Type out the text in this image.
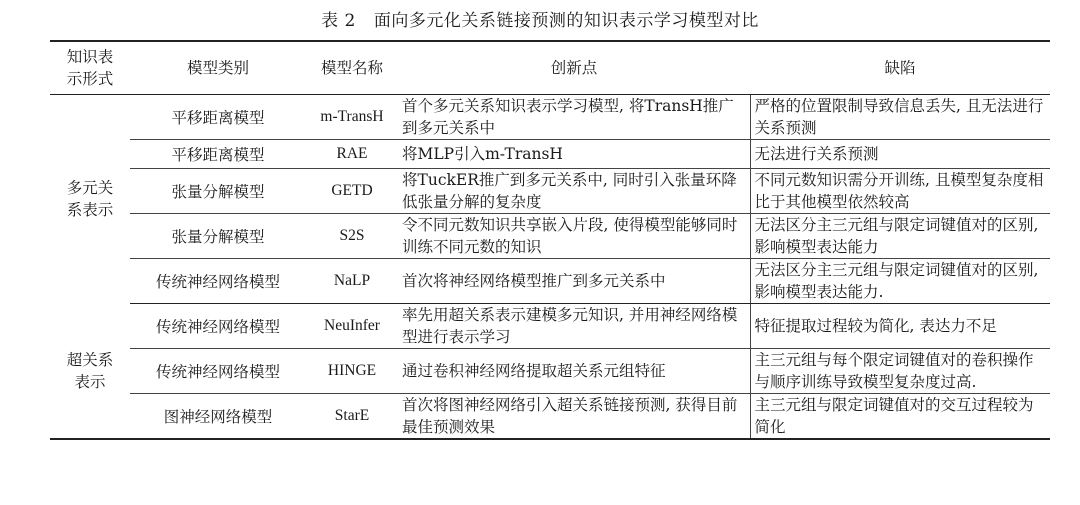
表 2 面向多元化关系链接预测的知识表示学习模型对比
知识表示形式	模型类别	模型名称	创新点	缺陷
多元关系表示	平移距离模型	m-TransH	首个多元关系知识表示学习模型, 将TransH推广到多元关系中	严格的位置限制导致信息丢失, 且无法进行关系预测
	平移距离模型	RAE	将MLP引入m-TransH	无法进行关系预测
	张量分解模型	GETD	将TuckER推广到多元关系中, 同时引入张量环降低张量分解的复杂度	不同元数知识需分开训练, 且模型复杂度相比于其他模型依然较高
	张量分解模型	S2S	令不同元数知识共享嵌入片段, 使得模型能够同时训练不同元数的知识	无法区分主三元组与限定词键值对的区别, 影响模型表达能力
	传统神经网络模型	NaLP	首次将神经网络模型推广到多元关系中	无法区分主三元组与限定词键值对的区别, 影响模型表达能力.
超关系表示	传统神经网络模型	NeuInfer	率先用超关系表示建模多元知识, 并用神经网络模型进行表示学习	特征提取过程较为简化, 表达力不足
	传统神经网络模型	HINGE	通过卷积神经网络提取超关系元组特征	主三元组与每个限定词键值对的卷积操作与顺序训练导致模型复杂度过高.
	图神经网络模型	StarE	首次将图神经网络引入超关系链接预测, 获得目前最佳预测效果	主三元组与限定词键值对的交互过程较为简化
